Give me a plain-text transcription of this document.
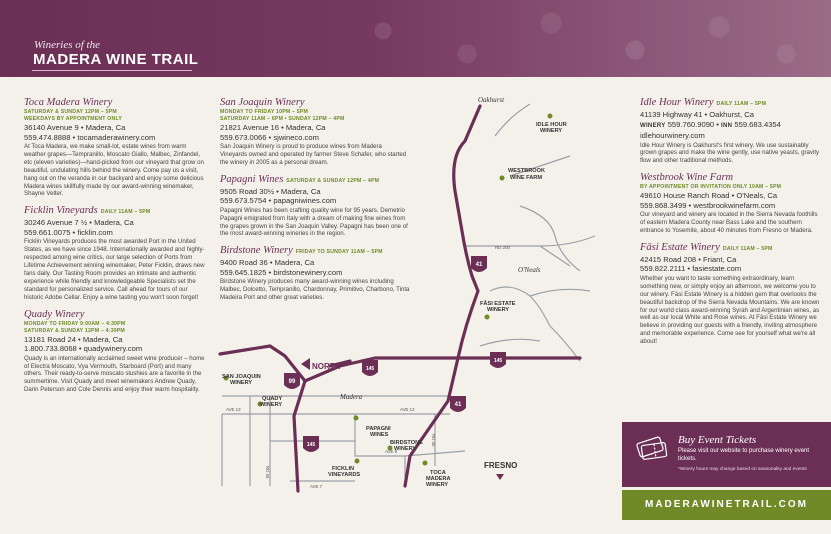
Wineries of the
MADERA WINE TRAIL
Toca Madera Winery
SATURDAY & SUNDAY 12PM – 5PM
WEEKDAYS BY APPOINTMENT ONLY
36140 Avenue 9 • Madera, Ca
559.474.8888 • tocamaderawinery.com

At Toca Madera, we make small-lot, estate wines from warm weather grapes—Tempranillo, Moscato Giallo, Malbec, Zinfandel, etc (eleven varieties)—hand-picked from our vineyard that grow on beautiful, undulating hills behind the winery. Come pay us a visit, hang out on the veranda in our backyard and enjoy some delicious Madera wines skillfully made by our award-winning winemaker, Shayne Velter.

Ficklin Vineyards DAILY 11AM – 5PM
30246 Avenue 7 ½ • Madera, Ca
559.661.0075 • ficklin.com

Ficklin Vineyards produces the most awarded Port in the United States, as we have since 1948. Internationally awarded and highly-respected among wine critics, our large selection of Ports from Lifetime Achievement winning winemaker, Peter Ficklin, draws new fans daily. Our Tasting Room provides an intimate and authentic experience while friendly and knowledgeable Specialists set the standard for personalized service. Call ahead for tours of our historic Adobe Cellar. Enjoy a wine tasting you won't soon forget!

Quady Winery
MONDAY TO FRIDAY 9:00AM – 4:30PM
SATURDAY & SUNDAY 12PM – 4:30PM
13181 Road 24 • Madera, Ca
1.800.733.8068 • quadywinery.com

Quady is an internationally acclaimed sweet wine producer – home of Electra Moscato, Vya Vermouth, Starboard (Port) and many others. Their ready-to-serve moscato slushies are a favorite in the summertime. Visit Quady and meet winemakers Andrew Quady, Darin Peterson and Cole Dennis and enjoy their warm hospitality.

San Joaquin Winery
MONDAY TO FRIDAY 10PM – 5PM
SATURDAY 11AM – 6PM • SUNDAY 12PM – 4PM
21821 Avenue 16 • Madera, Ca
559.673.0066 • sjwineco.com

San Joaquin Winery is proud to produce wines from Madera Vineyards owned and operated by farmer Steve Schafer, who started the winery in 2005 as a personal dream.

Papagni Wines SATURDAY & SUNDAY 12PM – 4PM
9505 Road 30½ • Madera, Ca
559.673.5754 • papagniwines.com

Papagni Wines has been crafting quality wine for 95 years. Demetrio Papagni emigrated from Italy with a dream of making fine wines from the grapes grown in the San Joaquin Valley. Papagni has been one of the most award-winning wineries in the region.

Birdstone Winery FRIDAY TO SUNDAY 11AM – 5PM
9400 Road 36 • Madera, Ca
559.645.1825 • birdstonewinery.com

Birdstone Winery produces many award-winning wines including Malbec, Dolcetto, Tempranillo, Chardonnay, Primitivo, Charbono, Tinta Madeira Port and other great varieties.

Idle Hour Winery DAILY 11AM – 5PM
41139 Highway 41 • Oakhurst, Ca
WINERY 559.760.9090 • INN 559.683.4354
idlehourwinery.com

Idle Hour Winery is Oakhurst's first winery. We use sustainably grown grapes and make the wine gently, use native yeasts, gravity flow and other traditional methods.

Westbrook Wine Farm
BY APPOINTMENT OR INVITATION ONLY 10AM – 5PM
49610 House Ranch Road • O'Neals, Ca
559.868.3499 • westbrookwinefarm.com

Our vineyard and winery are located in the Sierra Nevada foothills of eastern Madera County near Bass Lake and the southern entrance to Yosemite, about 40 minutes from Fresno or Madera.

Fāsi Estate Winery DAILY 11AM – 5PM
42415 Road 208 • Friant, Ca
559.822.2111 • fasiestate.com

Whether you want to taste something extraordinary, learn something new, or simply enjoy an afternoon, we welcome you to our winery. Fāsi Estate Winery is a hidden gem that overlooks the beautiful backdrop of the Sierra Nevada Mountains. We are known for our world class award-winning Syrah and Argentinian wines, as well as our local White and Rose wines. At Fāsi Estate Winery we believe in providing our guests with a friendly, inviting atmosphere and memorable experience. Come see for yourself what we're all about!

Buy Event Tickets
Please visit our website to purchase winery event tickets.
*Winery hours may change based on seasonality and events
MADERAWINETRAIL.COM
41
41
145
145
99
145
NORTH
Oakhurst
IDLE HOUR
WINERY
WESTBROOK
WINE FARM
O'Neals
FĀSI ESTATE
WINERY
SAN JOAQUIN
WINERY
Madera
QUADY
WINERY
PAPAGNI
WINES
BIRDSTONE
WINERY
FICKLIN
VINEYARDS	TOCA
MADERA
WINERY
FRESNO
RD 200
AVE 13	AVE 12
AVE 9
AVE 7
RD 26
RD 36
